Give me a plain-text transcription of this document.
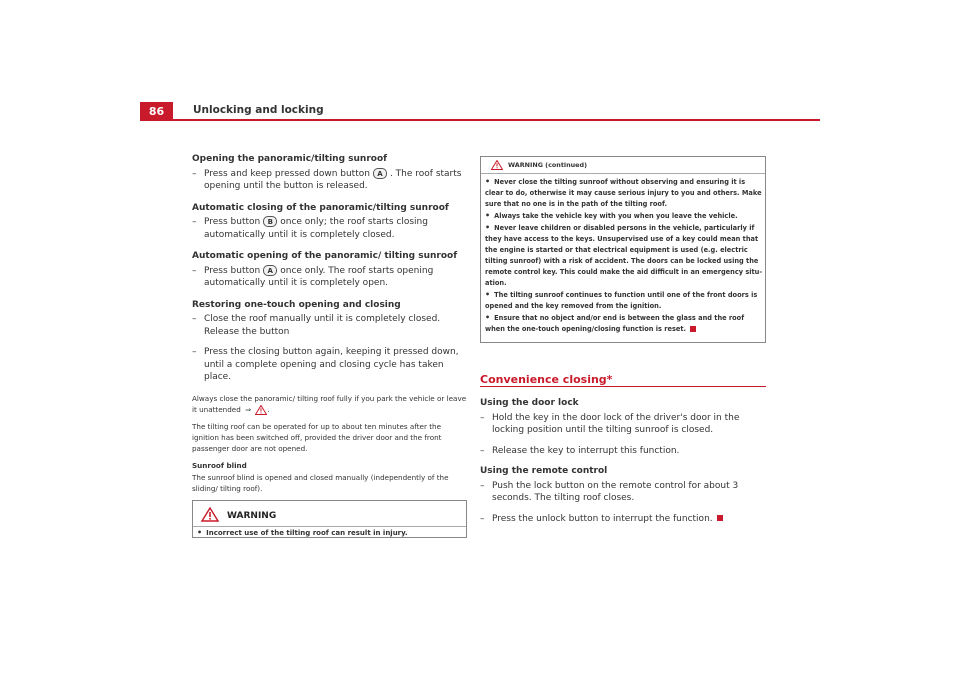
86	Unlocking and locking
Opening the panoramic/tilting sunroof

– Press and keep pressed down button A . The roof starts opening until the button is released.

Automatic closing of the panoramic/tilting sunroof

– Press button B once only; the roof starts closing automatically until it is completely closed.

Automatic opening of the panoramic/ tilting sunroof

– Press button A once only. The roof starts opening automatically until it is completely open.

Restoring one-touch opening and closing

– Close the roof manually until it is completely closed. Release the button

– Press the closing button again, keeping it pressed down, until a complete opening and closing cycle has taken place.

Always close the panoramic/ tilting roof fully if you park the vehicle or leave it unattended ⇒ .

The tilting roof can be operated for up to about ten minutes after the ignition has been switched off, provided the driver door and the front passenger door are not opened.

Sunroof blind

The sunroof blind is opened and closed manually (independently of the sliding/ tilting roof).

WARNING
• Incorrect use of the tilting roof can result in injury.
WARNING (continued)

• Never close the tilting sunroof without observing and ensuring it is clear to do, otherwise it may cause serious injury to you and others. Make sure that no one is in the path of the tilting roof.

• Always take the vehicle key with you when you leave the vehicle.

• Never leave children or disabled persons in the vehicle, particularly if they have access to the keys. Unsupervised use of a key could mean that the engine is started or that electrical equipment is used (e.g. electric tilting sunroof) with a risk of accident. The doors can be locked using the remote control key. This could make the aid difficult in an emergency situ-ation.

• The tilting sunroof continues to function until one of the front doors is opened and the key removed from the ignition.

• Ensure that no object and/or end is between the glass and the roof when the one-touch opening/closing function is reset.

Convenience closing*
Using the door lock

– Hold the key in the door lock of the driver's door in the locking position until the tilting sunroof is closed.

– Release the key to interrupt this function.

Using the remote control

– Push the lock button on the remote control for about 3 seconds. The tilting roof closes.

– Press the unlock button to interrupt the function.
